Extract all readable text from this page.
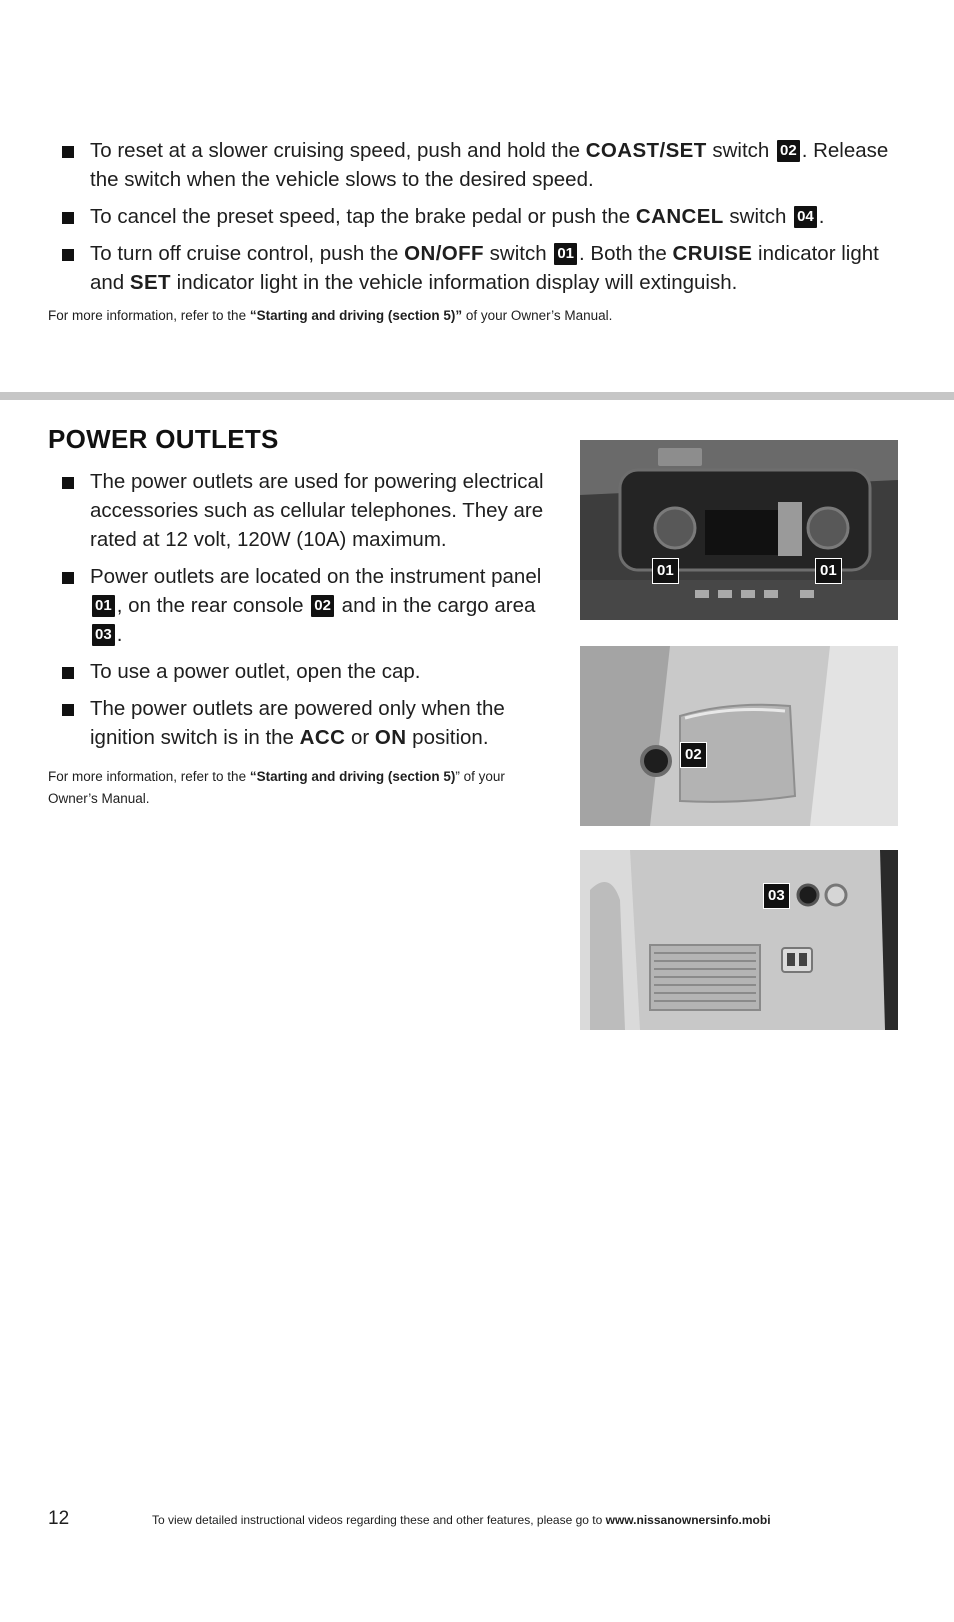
To reset at a slower cruising speed, push and hold the COAST/SET switch 02 . Release the switch when the vehicle slows to the desired speed.
To cancel the preset speed, tap the brake pedal or push the CANCEL switch 04 .
To turn off cruise control, push the ON/OFF switch 01 . Both the CRUISE indicator light and SET indicator light in the vehicle information display will extinguish.

For more information, refer to the “Starting and driving (section 5)” of your Owner’s Manual.

POWER OUTLETS
The power outlets are used for powering electrical accessories such as cellular telephones. They are rated at 12 volt, 120W (10A) maximum.
Power outlets are located on the instrument panel 01 , on the rear console 02 and in the cargo area 03 .
To use a power outlet, open the cap.
The power outlets are powered only when the ignition switch is in the ACC or ON position.

For more information, refer to the “Starting and driving (section 5)” of your Owner’s Manual.

01	01
02
03
12	To view detailed instructional videos regarding these and other features, please go to www.nissanownersinfo.mobi
